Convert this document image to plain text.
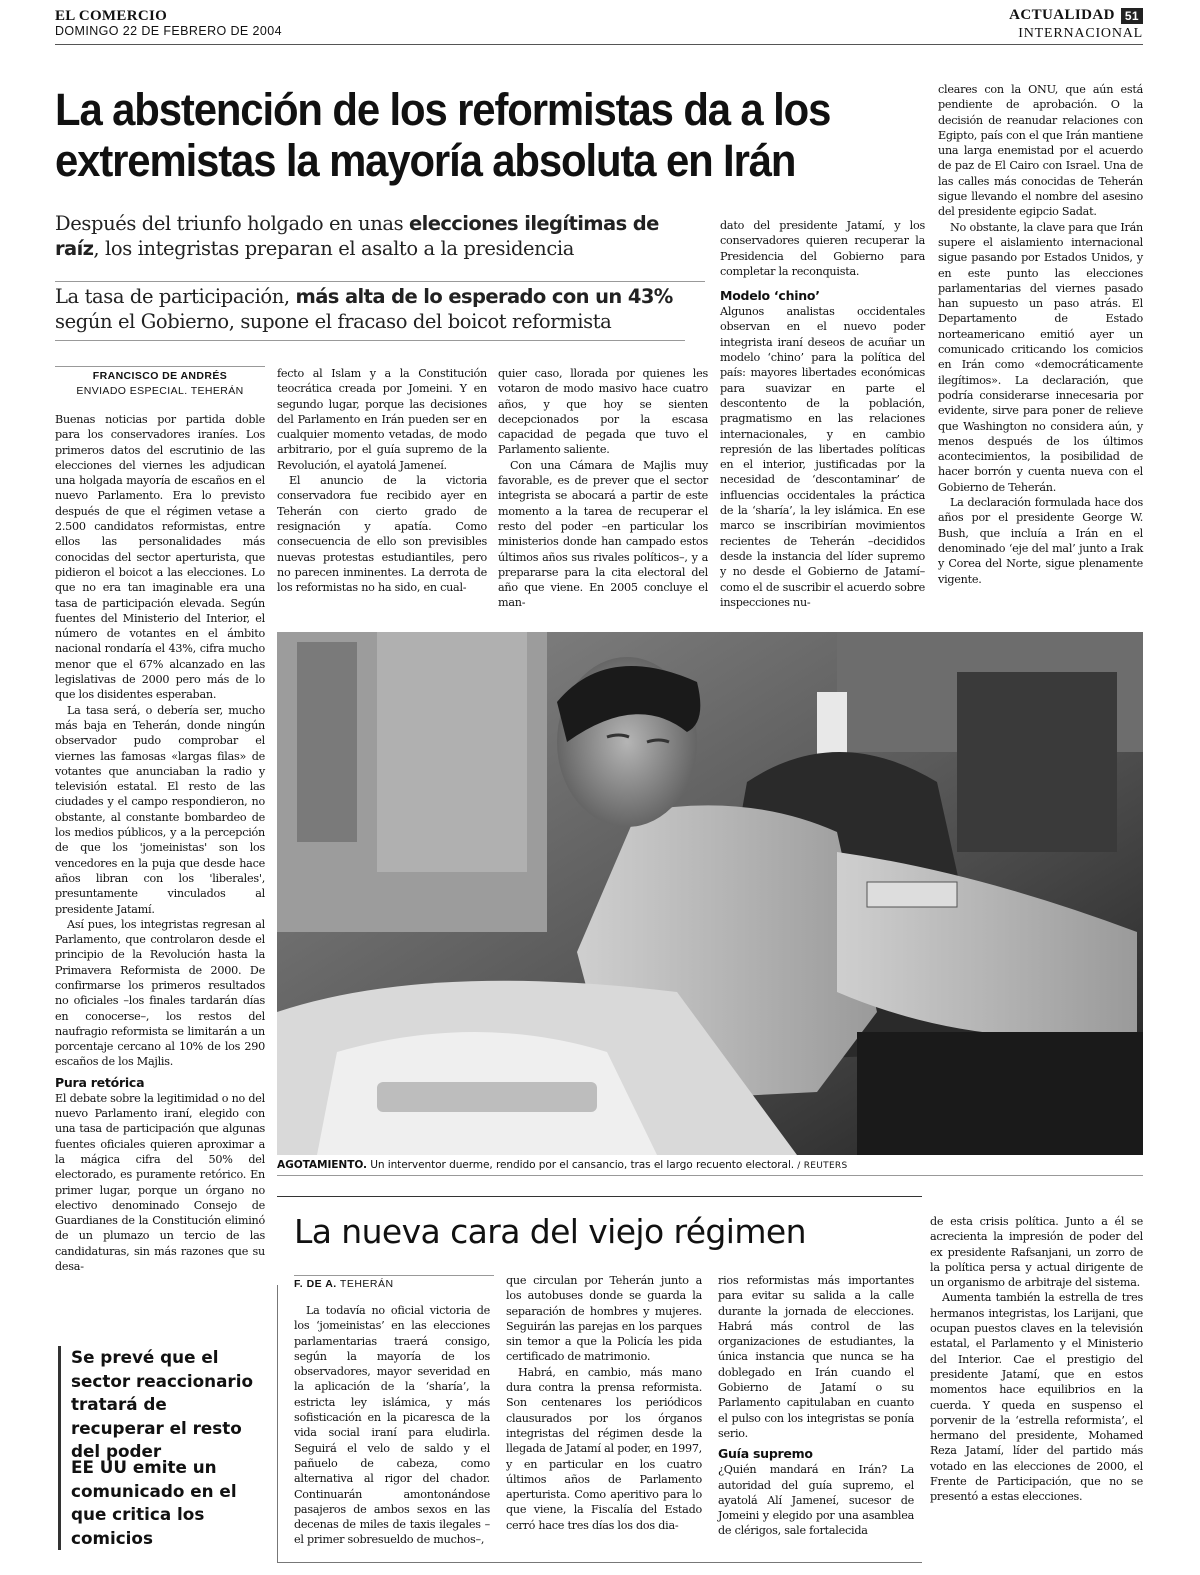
EL COMERCIO
DOMINGO 22 DE FEBRERO DE 2004
ACTUALIDAD 51
INTERNACIONAL
La abstención de los reformistas da a los extremistas la mayoría absoluta en Irán
Después del triunfo holgado en unas elecciones ilegítimas de raíz, los integristas preparan el asalto a la presidencia
La tasa de participación, más alta de lo esperado con un 43% según el Gobierno, supone el fracaso del boicot reformista
FRANCISCO DE ANDRÉS
ENVIADO ESPECIAL. TEHERÁN

Buenas noticias por partida doble para los conservadores iraníes. Los primeros datos del escrutinio de las elecciones del viernes les adjudican una holgada mayoría de escaños en el nuevo Parlamento. Era lo previsto después de que el régimen vetase a 2.500 candidatos reformistas, entre ellos las personalidades más conocidas del sector aperturista, que pidieron el boicot a las elecciones. Lo que no era tan imaginable era una tasa de participación elevada. Según fuentes del Ministerio del Interior, el número de votantes en el ámbito nacional rondaría el 43%, cifra mucho menor que el 67% alcanzado en las legislativas de 2000 pero más de lo que los disidentes esperaban.

La tasa será, o debería ser, mucho más baja en Teherán, donde ningún observador pudo comprobar el viernes las famosas «largas filas» de votantes que anunciaban la radio y televisión estatal. El resto de las ciudades y el campo respondieron, no obstante, al constante bombardeo de los medios públicos, y a la percepción de que los 'jomeinistas' son los vencedores en la puja que desde hace años libran con los 'liberales', presuntamente vinculados al presidente Jatamí.

Así pues, los integristas regresan al Parlamento, que controlaron desde el principio de la Revolución hasta la Primavera Reformista de 2000. De confirmarse los primeros resultados no oficiales –los finales tardarán días en conocerse–, los restos del naufragio reformista se limitarán a un porcentaje cercano al 10% de los 290 escaños de los Majlis.

Pura retórica

El debate sobre la legitimidad o no del nuevo Parlamento iraní, elegido con una tasa de participación que algunas fuentes oficiales quieren aproximar a la mágica cifra del 50% del electorado, es puramente retórico. En primer lugar, porque un órgano no electivo denominado Consejo de Guardianes de la Constitución eliminó de un plumazo un tercio de las candidaturas, sin más razones que su desa-

fecto al Islam y a la Constitución teocrática creada por Jomeini. Y en segundo lugar, porque las decisiones del Parlamento en Irán pueden ser en cualquier momento vetadas, de modo arbitrario, por el guía supremo de la Revolución, el ayatolá Jameneí.

El anuncio de la victoria conservadora fue recibido ayer en Teherán con cierto grado de resignación y apatía. Como consecuencia de ello son previsibles nuevas protestas estudiantiles, pero no parecen inminentes. La derrota de los reformistas no ha sido, en cual-

quier caso, llorada por quienes les votaron de modo masivo hace cuatro años, y que hoy se sienten decepcionados por la escasa capacidad de pegada que tuvo el Parlamento saliente.

Con una Cámara de Majlis muy favorable, es de prever que el sector integrista se abocará a partir de este momento a la tarea de recuperar el resto del poder –en particular los ministerios donde han campado estos últimos años sus rivales políticos–, y a prepararse para la cita electoral del año que viene. En 2005 concluye el man-

dato del presidente Jatamí, y los conservadores quieren recuperar la Presidencia del Gobierno para completar la reconquista.

Modelo ‘chino’

Algunos analistas occidentales observan en el nuevo poder integrista iraní deseos de acuñar un modelo ‘chino’ para la política del país: mayores libertades económicas para suavizar en parte el descontento de la población, pragmatismo en las relaciones internacionales, y en cambio represión de las libertades políticas en el interior, justificadas por la necesidad de ‘descontaminar’ de influencias occidentales la práctica de la ‘sharía’, la ley islámica. En ese marco se inscribirían movimientos recientes de Teherán –decididos desde la instancia del líder supremo y no desde el Gobierno de Jatamí– como el de suscribir el acuerdo sobre inspecciones nu-

cleares con la ONU, que aún está pendiente de aprobación. O la decisión de reanudar relaciones con Egipto, país con el que Irán mantiene una larga enemistad por el acuerdo de paz de El Cairo con Israel. Una de las calles más conocidas de Teherán sigue llevando el nombre del asesino del presidente egipcio Sadat.

No obstante, la clave para que Irán supere el aislamiento internacional sigue pasando por Estados Unidos, y en este punto las elecciones parlamentarias del viernes pasado han supuesto un paso atrás. El Departamento de Estado norteamericano emitió ayer un comunicado criticando los comicios en Irán como «democráticamente ilegítimos». La declaración, que podría considerarse innecesaria por evidente, sirve para poner de relieve que Washington no considera aún, y menos después de los últimos acontecimientos, la posibilidad de hacer borrón y cuenta nueva con el Gobierno de Teherán.

La declaración formulada hace dos años por el presidente George W. Bush, que incluía a Irán en el denominado ‘eje del mal’ junto a Irak y Corea del Norte, sigue plenamente vigente.

AGOTAMIENTO. Un interventor duerme, rendido por el cansancio, tras el largo recuento electoral. / REUTERS
Se prevé que el sector reaccionario tratará de recuperar el resto del poder
EE UU emite un comunicado en el que critica los comicios
La nueva cara del viejo régimen
F. DE A. TEHERÁN

La todavía no oficial victoria de los ‘jomeinistas’ en las elecciones parlamentarias traerá consigo, según la mayoría de los observadores, mayor severidad en la aplicación de la ‘sharía’, la estricta ley islámica, y más sofisticación en la picaresca de la vida social iraní para eludirla. Seguirá el velo de saldo y el pañuelo de cabeza, como alternativa al rigor del chador. Continuarán amontonándose pasajeros de ambos sexos en las decenas de miles de taxis ilegales –el primer sobresueldo de muchos–,

que circulan por Teherán junto a los autobuses donde se guarda la separación de hombres y mujeres. Seguirán las parejas en los parques sin temor a que la Policía les pida certificado de matrimonio.

Habrá, en cambio, más mano dura contra la prensa reformista. Son centenares los periódicos clausurados por los órganos integristas del régimen desde la llegada de Jatamí al poder, en 1997, y en particular en los cuatro últimos años de Parlamento aperturista. Como aperitivo para lo que viene, la Fiscalía del Estado cerró hace tres días los dos dia-

rios reformistas más importantes para evitar su salida a la calle durante la jornada de elecciones. Habrá más control de las organizaciones de estudiantes, la única instancia que nunca se ha doblegado en Irán cuando el Gobierno de Jatamí o su Parlamento capitulaban en cuanto el pulso con los integristas se ponía serio.

Guía supremo

¿Quién mandará en Irán? La autoridad del guía supremo, el ayatolá Alí Jameneí, sucesor de Jomeini y elegido por una asamblea de clérigos, sale fortalecida

de esta crisis política. Junto a él se acrecienta la impresión de poder del ex presidente Rafsanjani, un zorro de la política persa y actual dirigente de un organismo de arbitraje del sistema.

Aumenta también la estrella de tres hermanos integristas, los Larijani, que ocupan puestos claves en la televisión estatal, el Parlamento y el Ministerio del Interior. Cae el prestigio del presidente Jatamí, que en estos momentos hace equilibrios en la cuerda. Y queda en suspenso el porvenir de la ‘estrella reformista’, el hermano del presidente, Mohamed Reza Jatamí, líder del partido más votado en las elecciones de 2000, el Frente de Participación, que no se presentó a estas elecciones.
